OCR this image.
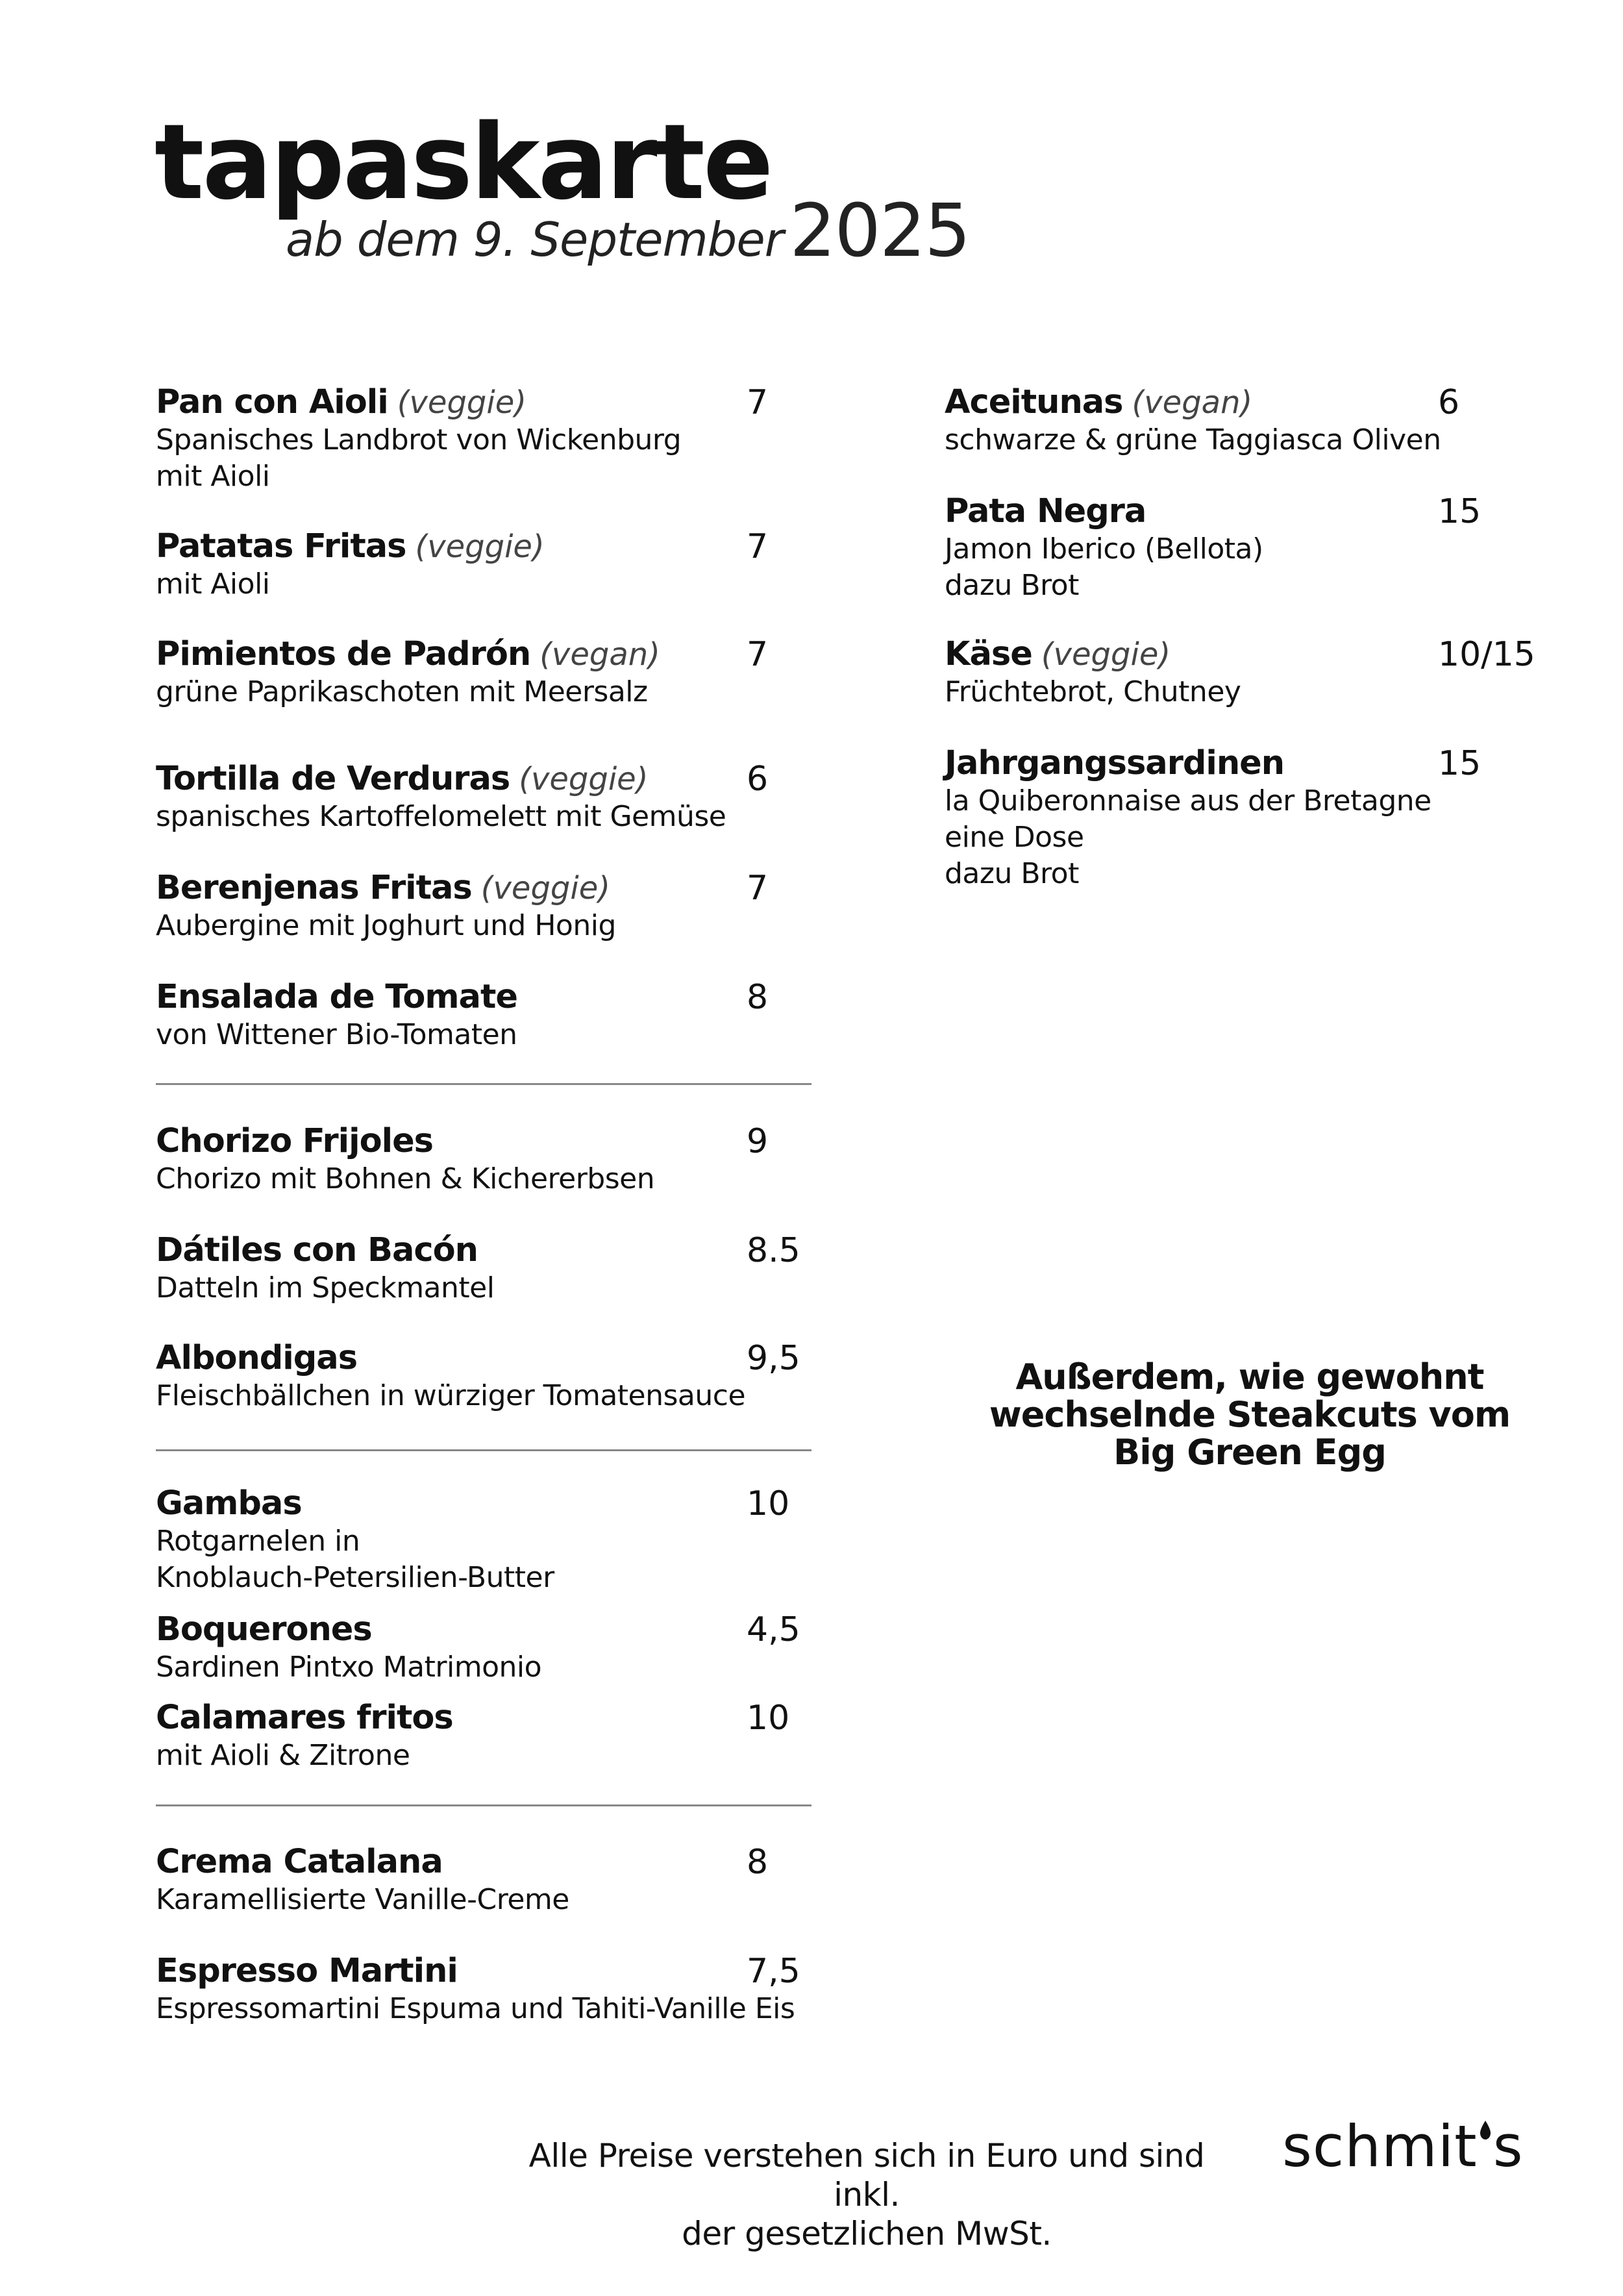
tapaskarte
ab dem 9. September2025
Pan con Aioli (veggie)
Spanisches Landbrot von Wickenburg
mit Aioli
7
Patatas Fritas (veggie)
mit Aioli
7
Pimientos de Padrón (vegan)
grüne Paprikaschoten mit Meersalz
7
Tortilla de Verduras (veggie)
spanisches Kartoffelomelett mit Gemüse
6
Berenjenas Fritas (veggie)
Aubergine mit Joghurt und Honig
7
Ensalada de Tomate
von Wittener Bio-Tomaten
8
Chorizo Frijoles
Chorizo mit Bohnen & Kichererbsen
9
Dátiles con Bacón
Datteln im Speckmantel
8.5
Albondigas
Fleischbällchen in würziger Tomatensauce
9,5
Gambas
Rotgarnelen in
Knoblauch-Petersilien-Butter
10
Boquerones
Sardinen Pintxo Matrimonio
4,5
Calamares fritos
mit Aioli & Zitrone
10
Crema Catalana
Karamellisierte Vanille-Creme
8
Espresso Martini
Espressomartini Espuma und Tahiti-Vanille Eis
7,5
Aceitunas (vegan)
schwarze & grüne Taggiasca Oliven
6
Pata Negra
Jamon Iberico (Bellota)
dazu Brot
15
Käse (veggie)
Früchtebrot, Chutney
10/15
Jahrgangssardinen
la Quiberonnaise aus der Bretagne
eine Dose
dazu Brot
15
Außerdem, wie gewohnt
wechselnde Steakcuts vom
Big Green Egg
Alle Preise verstehen sich in Euro und sind inkl.
der gesetzlichen MwSt.
schmit s
